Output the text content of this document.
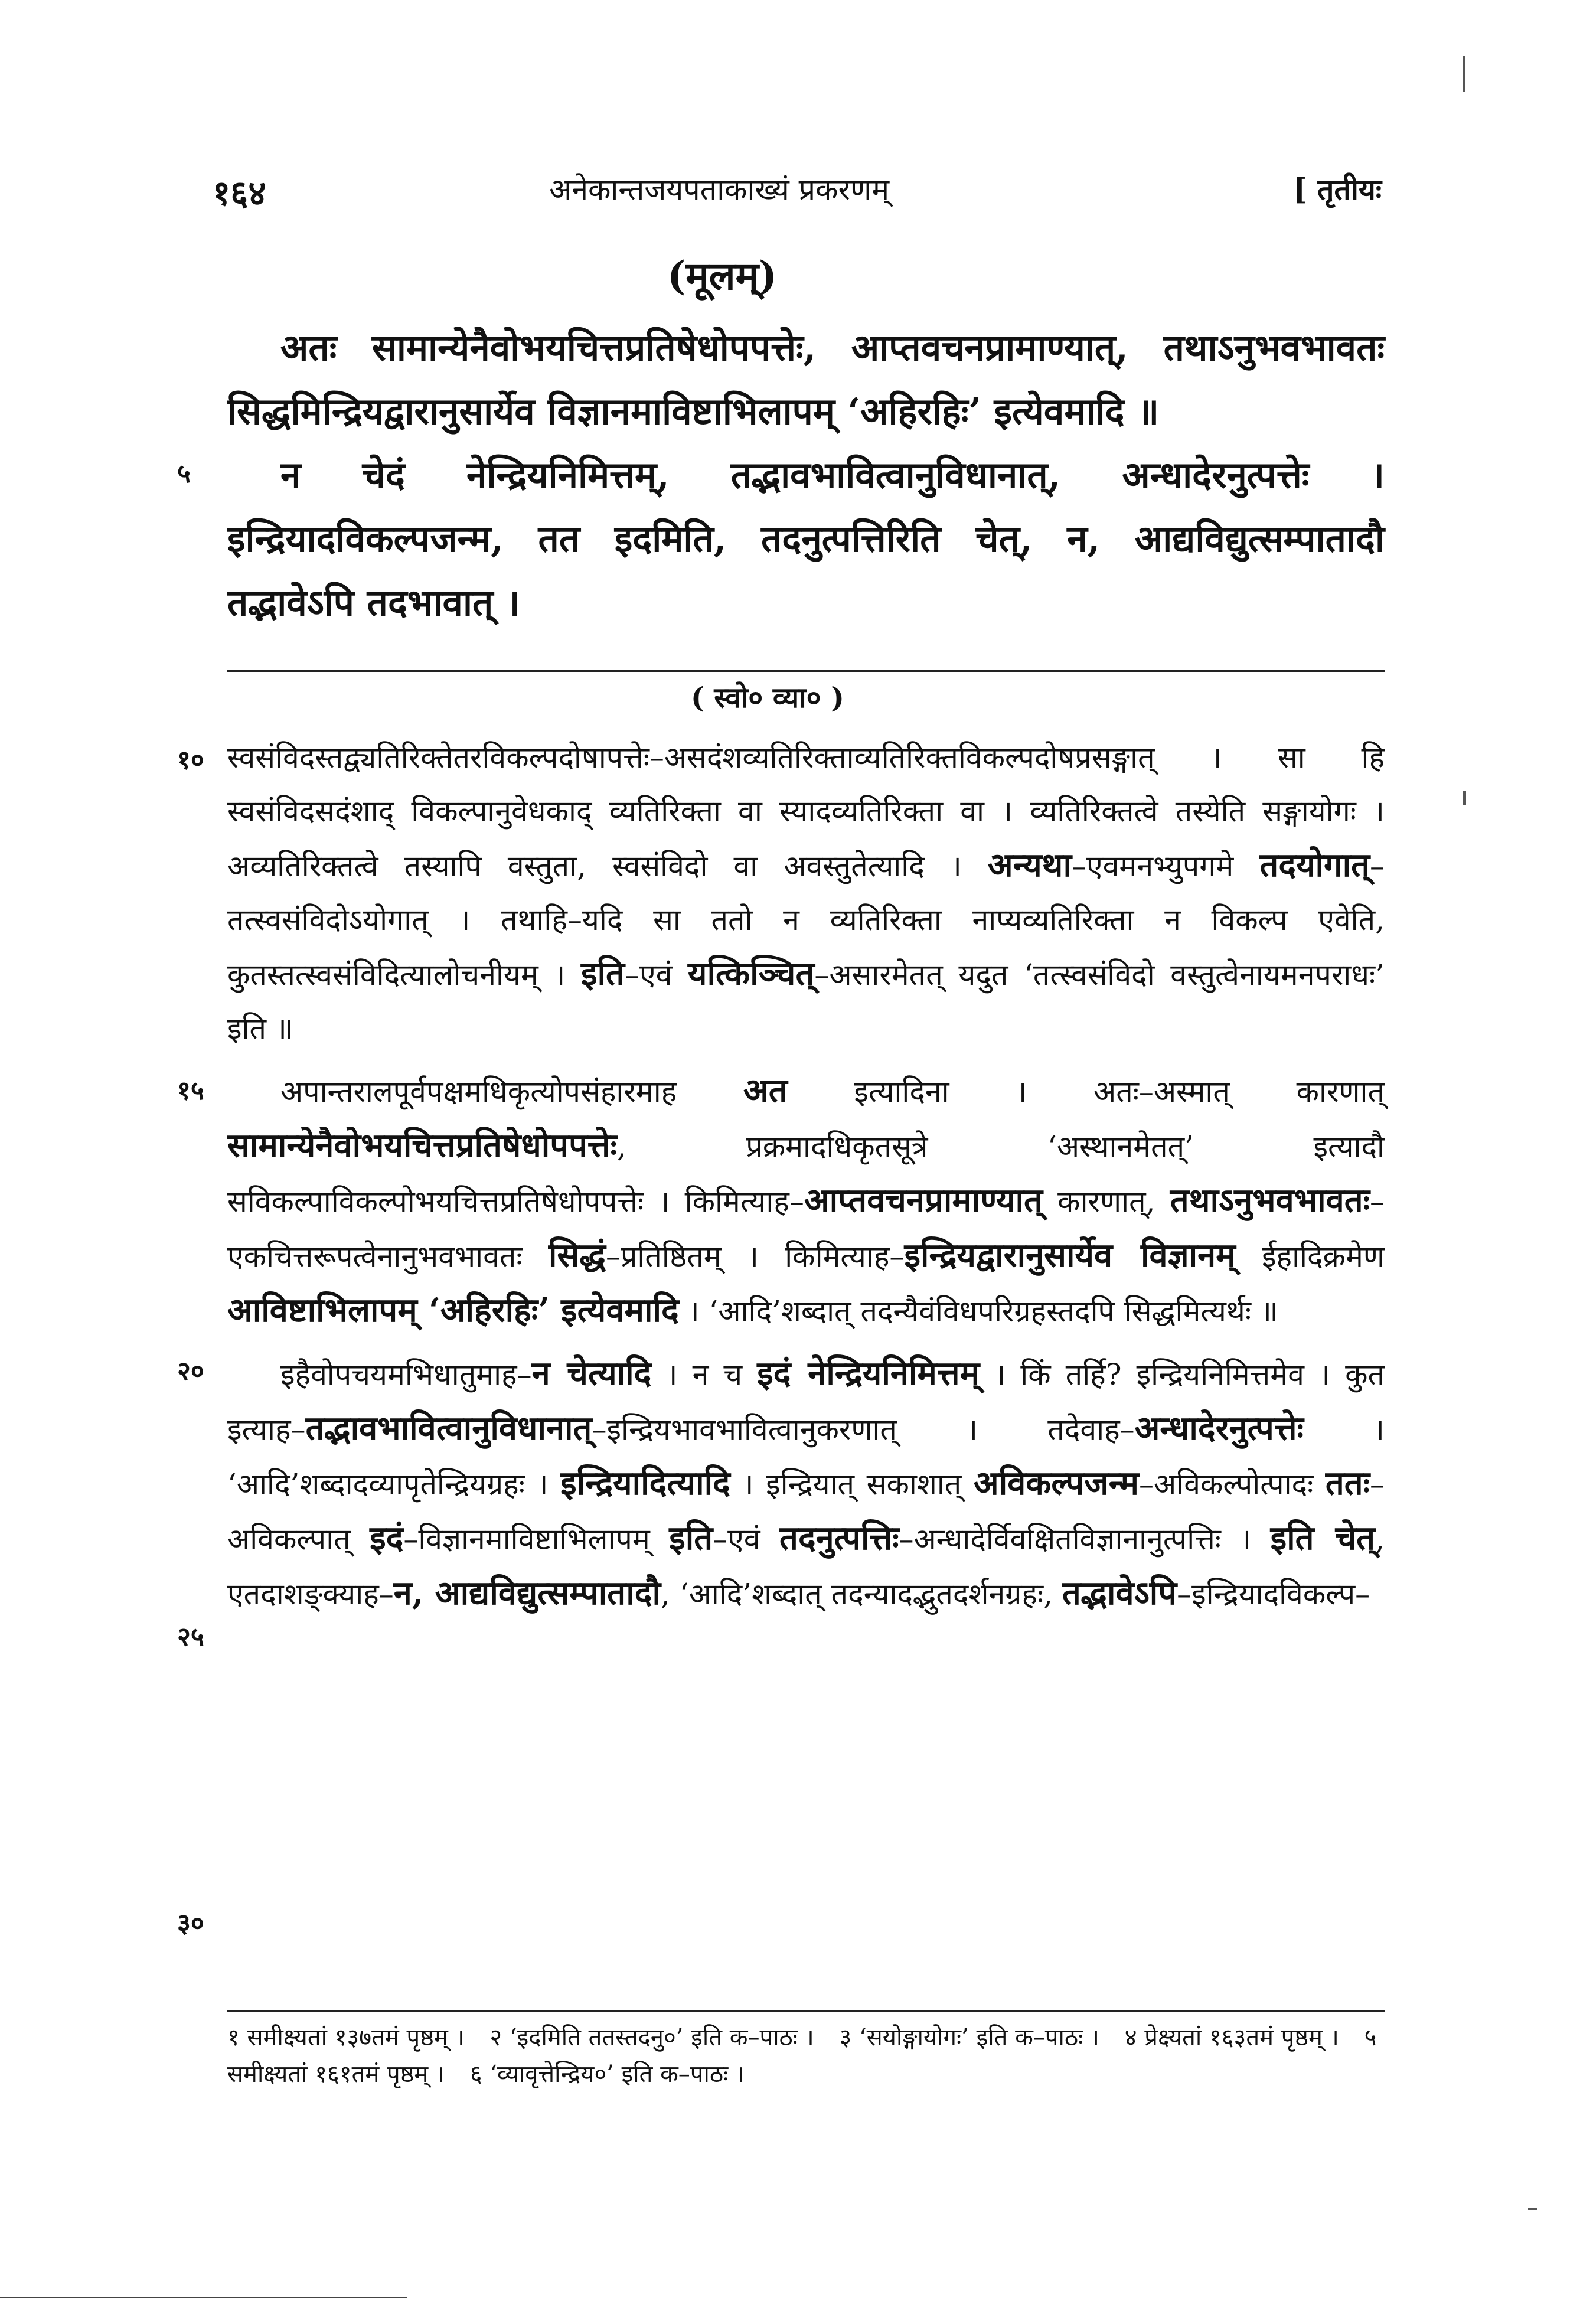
१६४	अनेकान्तजयपताकाख्यं प्रकरणम्	[ तृतीयः
(मूलम्)

अतः सामान्येनैवोभयचित्तप्रतिषेधोपपत्तेः, आप्तवचनप्रामाण्यात्, तथाऽनुभवभावतः सिद्धमिन्द्रियद्वारानुसार्येव विज्ञानमाविष्टाभिलापम् ‘अहिरहिः’ इत्येवमादि ॥

न चेदं नेन्द्रियनिमित्तम्, तद्भावभावित्वानुविधानात्, अन्धादेरनुत्पत्तेः । इन्द्रियादविकल्पजन्म, तत इदमिति, तदनुत्पत्तिरिति चेत्, न, आद्यविद्युत्सम्पातादौ तद्भावेऽपि तदभावात् ।

५
( स्वो० व्या० )

स्वसंविदस्तद्व्यतिरिक्तेतरविकल्पदोषापत्तेः–असदंशव्यतिरिक्ताव्यतिरिक्तविकल्पदोषप्रसङ्गात् । सा हि स्वसंविदसदंशाद् विकल्पानुवेधकाद् व्यतिरिक्ता वा स्यादव्यतिरिक्ता वा । व्यतिरिक्तत्वे तस्येति सङ्गायोगः । अव्यतिरिक्तत्वे तस्यापि वस्तुता, स्वसंविदो वा अवस्तुतेत्यादि । अन्यथा–एवमनभ्युपगमे तदयोगात्–तत्स्वसंविदोऽयोगात् । तथाहि–यदि सा ततो न व्यतिरिक्ता नाप्यव्यतिरिक्ता न विकल्प एवेति, कुतस्तत्स्वसंविदित्यालोचनीयम् । इति–एवं यत्किञ्चित्–असारमेतत् यदुत ‘तत्स्वसंविदो वस्तुत्वेनायमनपराधः’ इति ॥

अपान्तरालपूर्वपक्षमधिकृत्योपसंहारमाह अत इत्यादिना । अतः–अस्मात् कारणात् सामान्येनैवोभयचित्तप्रतिषेधोपपत्तेः, प्रक्रमादधिकृतसूत्रे ‘अस्थानमेतत्’ इत्यादौ सविकल्पाविकल्पोभयचित्तप्रतिषेधोपपत्तेः । किमित्याह–आप्तवचनप्रामाण्यात् कारणात्, तथाऽनुभवभावतः–एकचित्तरूपत्वेनानुभवभावतः सिद्धं–प्रतिष्ठितम् । किमित्याह–इन्द्रियद्वारानुसार्येव विज्ञानम् ईहादिक्रमेण आविष्टाभिलापम् ‘अहिरहिः’ इत्येवमादि । ‘आदि’शब्दात् तदन्यैवंविधपरिग्रहस्तदपि सिद्धमित्यर्थः ॥

इहैवोपचयमभिधातुमाह–न चेत्यादि । न च इदं नेन्द्रियनिमित्तम् । किं तर्हि? इन्द्रियनिमित्तमेव । कुत इत्याह–तद्भावभावित्वानुविधानात्–इन्द्रियभावभावित्वानुकरणात् । तदेवाह–अन्धादेरनुत्पत्तेः । ‘आदि’शब्दादव्यापृतेन्द्रियग्रहः । इन्द्रियादित्यादि । इन्द्रियात् सकाशात् अविकल्पजन्म–अविकल्पोत्पादः ततः–अविकल्पात् इदं–विज्ञानमाविष्टाभिलापम् इति–एवं तदनुत्पत्तिः–अन्धादेर्विवक्षितविज्ञानानुत्पत्तिः । इति चेत्, एतदाशङ्क्याह–न, आद्यविद्युत्सम्पातादौ, ‘आदि’शब्दात् तदन्यादद्भुतदर्शनग्रहः, तद्भावेऽपि–इन्द्रियादविकल्प–

१०
१५
२०
२५
३०
१ समीक्ष्यतां १३७तमं पृष्ठम् । २ ‘इदमिति ततस्तदनु०’ इति क–पाठः । ३ ‘सयोङ्गायोगः’ इति क–पाठः । ४ प्रेक्ष्यतां १६३तमं पृष्ठम् । ५ समीक्ष्यतां १६१तमं पृष्ठम् । ६ ‘व्यावृत्तेन्द्रिय०’ इति क–पाठः ।
